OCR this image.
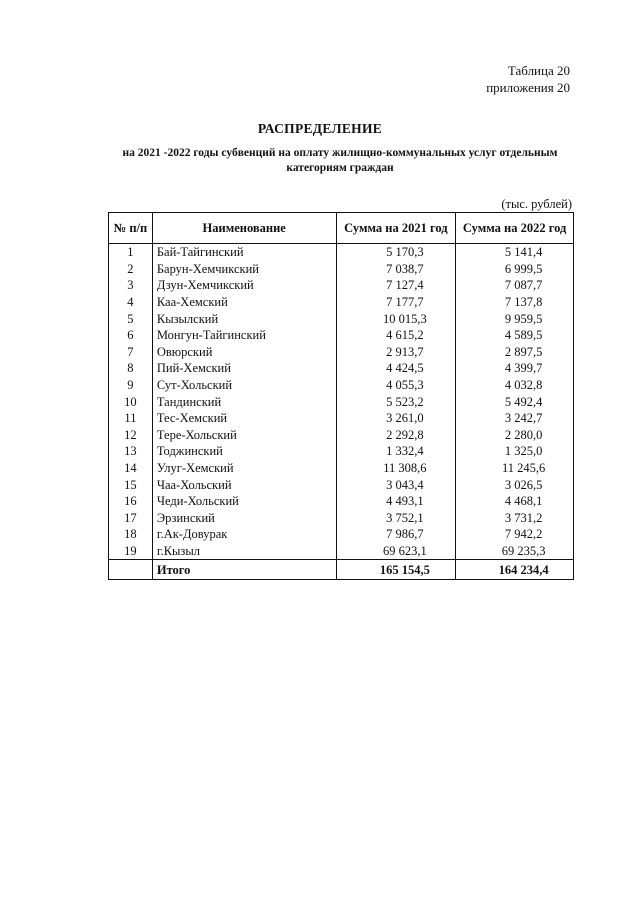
Таблица 20
приложения 20
РАСПРЕДЕЛЕНИЕ
на 2021 -2022 годы субвенций на оплату жилищно-коммунальных услуг отдельным категориям граждан
(тыс. рублей)
№ п/п	Наименование	Сумма на 2021 год	Сумма на 2022 год
1	Бай-Тайгинский	5 170,3	5 141,4
2	Барун-Хемчикский	7 038,7	6 999,5
3	Дзун-Хемчикский	7 127,4	7 087,7
4	Каа-Хемский	7 177,7	7 137,8
5	Кызылский	10 015,3	9 959,5
6	Монгун-Тайгинский	4 615,2	4 589,5
7	Овюрский	2 913,7	2 897,5
8	Пий-Хемский	4 424,5	4 399,7
9	Сут-Хольский	4 055,3	4 032,8
10	Тандинский	5 523,2	5 492,4
11	Тес-Хемский	3 261,0	3 242,7
12	Тере-Хольский	2 292,8	2 280,0
13	Тоджинский	1 332,4	1 325,0
14	Улуг-Хемский	11 308,6	11 245,6
15	Чаа-Хольский	3 043,4	3 026,5
16	Чеди-Хольский	4 493,1	4 468,1
17	Эрзинский	3 752,1	3 731,2
18	г.Ак-Довурак	7 986,7	7 942,2
19	г.Кызыл	69 623,1	69 235,3
	Итого	165 154,5	164 234,4
